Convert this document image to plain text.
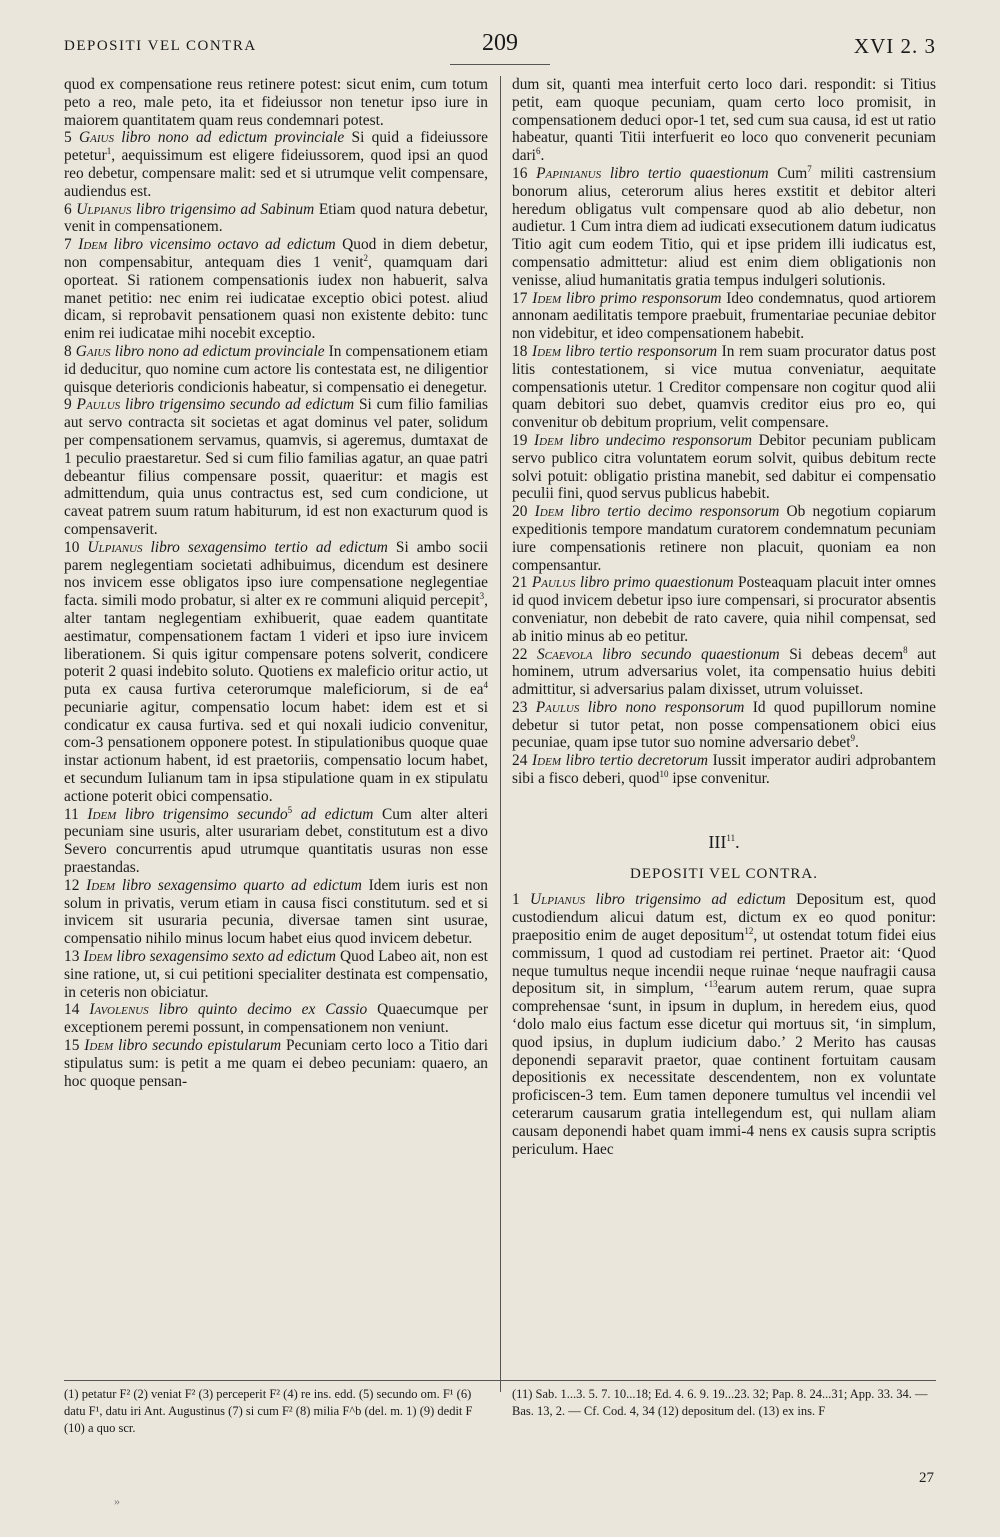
DEPOSITI VEL CONTRA	209	XVI 2. 3

quod ex compensatione reus retinere potest: sicut enim, cum totum peto a reo, male peto, ita et fideiussor non tenetur ipso iure in maiorem quantitatem quam reus condemnari potest.

5 Gaius libro nono ad edictum provinciale Si quid a fideiussore petetur$^1$, aequissimum est eligere fideiussorem, quod ipsi an quod reo debetur, compensare malit: sed et si utrumque velit compensare, audiendus est.

6 Ulpianus libro trigensimo ad Sabinum Etiam quod natura debetur, venit in compensationem.

7 Idem libro vicensimo octavo ad edictum Quod in diem debetur, non compensabitur, antequam dies 1 venit$^2$, quamquam dari oporteat. Si rationem compensationis iudex non habuerit, salva manet petitio: nec enim rei iudicatae exceptio obici potest. aliud dicam, si reprobavit pensationem quasi non existente debito: tunc enim rei iudicatae mihi nocebit exceptio.

8 Gaius libro nono ad edictum provinciale In compensationem etiam id deducitur, quo nomine cum actore lis contestata est, ne diligentior quisque deterioris condicionis habeatur, si compensatio ei denegetur.

9 Paulus libro trigensimo secundo ad edictum Si cum filio familias aut servo contracta sit societas et agat dominus vel pater, solidum per compensationem servamus, quamvis, si ageremus, dumtaxat de 1 peculio praestaretur. Sed si cum filio familias agatur, an quae patri debeantur filius compensare possit, quaeritur: et magis est admittendum, quia unus contractus est, sed cum condicione, ut caveat patrem suum ratum habiturum, id est non exacturum quod is compensaverit.

10 Ulpianus libro sexagensimo tertio ad edictum Si ambo socii parem neglegentiam societati adhibuimus, dicendum est desinere nos invicem esse obligatos ipso iure compensatione neglegentiae facta. simili modo probatur, si alter ex re communi aliquid percepit$^3$, alter tantam neglegentiam exhibuerit, quae eadem quantitate aestimatur, compensationem factam 1 videri et ipso iure invicem liberationem. Si quis igitur compensare potens solverit, condicere poterit 2 quasi indebito soluto. Quotiens ex maleficio oritur actio, ut puta ex causa furtiva ceterorumque maleficiorum, si de $ea^4$ pecuniarie agitur, compensatio locum habet: idem est et si condicatur ex causa furtiva. sed et qui noxali iudicio convenitur, com-3 pensationem opponere potest. In stipulationibus quoque quae instar actionum habent, id est praetoriis, compensatio locum habet, et secundum Iulianum tam in ipsa stipulatione quam in ex stipulatu actione poterit obici compensatio.

11 Idem libro trigensimo secundo$^5$ ad edictum Cum alter alteri pecuniam sine usuris, alter usurariam debet, constitutum est a divo Severo concurrentis apud utrumque quantitatis usuras non esse praestandas.

12 Idem libro sexagensimo quarto ad edictum Idem iuris est non solum in privatis, verum etiam in causa fisci constitutum. sed et si invicem sit usuraria pecunia, diversae tamen sint usurae, compensatio nihilo minus locum habet eius quod invicem debetur.

13 Idem libro sexagensimo sexto ad edictum Quod Labeo ait, non est sine ratione, ut, si cui petitioni specialiter destinata est compensatio, in ceteris non obiciatur.

14 Iavolenus libro quinto decimo ex Cassio Quaecumque per exceptionem peremi possunt, in compensationem non veniunt.

15 Idem libro secundo epistularum Pecuniam certo loco a Titio dari stipulatus sum: is petit a me quam ei debeo pecuniam: quaero, an hoc quoque pensan-

dum sit, quanti mea interfuit certo loco dari. respondit: si Titius petit, eam quoque pecuniam, quam certo loco promisit, in compensationem deduci opor-1 tet, sed cum sua causa, id est ut ratio habeatur, quanti Titii interfuerit eo loco quo convenerit pecuniam dari$^6$.

16 Papinianus libro tertio quaestionum Cum$^7$ militi castrensium bonorum alius, ceterorum alius heres exstitit et debitor alteri heredum obligatus vult compensare quod ab alio debetur, non audietur. 1 Cum intra diem ad iudicati exsecutionem datum iudicatus Titio agit cum eodem Titio, qui et ipse pridem illi iudicatus est, compensatio admittetur: aliud est enim diem obligationis non venisse, aliud humanitatis gratia tempus indulgeri solutionis.

17 Idem libro primo responsorum Ideo condemnatus, quod artiorem annonam aedilitatis tempore praebuit, frumentariae pecuniae debitor non videbitur, et ideo compensationem habebit.

18 Idem libro tertio responsorum In rem suam procurator datus post litis contestationem, si vice mutua conveniatur, aequitate compensationis utetur. 1 Creditor compensare non cogitur quod alii quam debitori suo debet, quamvis creditor eius pro eo, qui convenitur ob debitum proprium, velit compensare.

19 Idem libro undecimo responsorum Debitor pecuniam publicam servo publico citra voluntatem eorum solvit, quibus debitum recte solvi potuit: obligatio pristina manebit, sed dabitur ei compensatio peculii fini, quod servus publicus habebit.

20 Idem libro tertio decimo responsorum Ob negotium copiarum expeditionis tempore mandatum curatorem condemnatum pecuniam iure compensationis retinere non placuit, quoniam ea non compensantur.

21 Paulus libro primo quaestionum Posteaquam placuit inter omnes id quod invicem debetur ipso iure compensari, si procurator absentis conveniatur, non debebit de rato cavere, quia nihil compensat, sed ab initio minus ab eo petitur.

22 Scaevola libro secundo quaestionum Si debeas decem$^8$ aut hominem, utrum adversarius volet, ita compensatio huius debiti admittitur, si adversarius palam dixisset, utrum voluisset.

23 Paulus libro nono responsorum Id quod pupillorum nomine debetur si tutor petat, non posse compensationem obici eius pecuniae, quam ipse tutor suo nomine adversario debet$^9$.

24 Idem libro tertio decretorum Iussit imperator audiri adprobantem sibi a fisco deberi, quod$^{10}$ ipse convenitur.

III$^{11}$.
DEPOSITI VEL CONTRA.

1 Ulpianus libro trigensimo ad edictum Depositum est, quod custodiendum alicui datum est, dictum ex eo quod ponitur: praepositio enim de auget depositum$^{12}$, ut ostendat totum fidei eius commissum, 1 quod ad custodiam rei pertinet. Praetor ait: ‘Quod neque tumultus neque incendii neque ruinae ‘neque naufragii causa depositum sit, in simplum, ‘$^{13}$earum autem rerum, quae supra comprehensae ‘sunt, in ipsum in duplum, in heredem eius, quod ‘dolo malo eius factum esse dicetur qui mortuus sit, ‘in simplum, quod ipsius, in duplum iudicium dabo.’ 2 Merito has causas deponendi separavit praetor, quae continent fortuitam causam depositionis ex necessitate descendentem, non ex voluntate proficiscen-3 tem. Eum tamen deponere tumultus vel incendii vel ceterarum causarum gratia intellegendum est, qui nullam aliam causam deponendi habet quam immi-4 nens ex causis supra scriptis periculum. Haec

(1) petatur F² (2) veniat F² (3) perceperit F² (4) re ins. edd. (5) secundo om. F¹ (6) datu F¹, datu iri Ant. Augustinus (7) si cum F² (8) milia F^b (del. m. 1) (9) dedit F (10) a quo scr.
(11) Sab. 1...3. 5. 7. 10...18; Ed. 4. 6. 9. 19...23. 32; Pap. 8. 24...31; App. 33. 34. — Bas. 13, 2. — Cf. Cod. 4, 34 (12) depositum del. (13) ex ins. F
27
»
